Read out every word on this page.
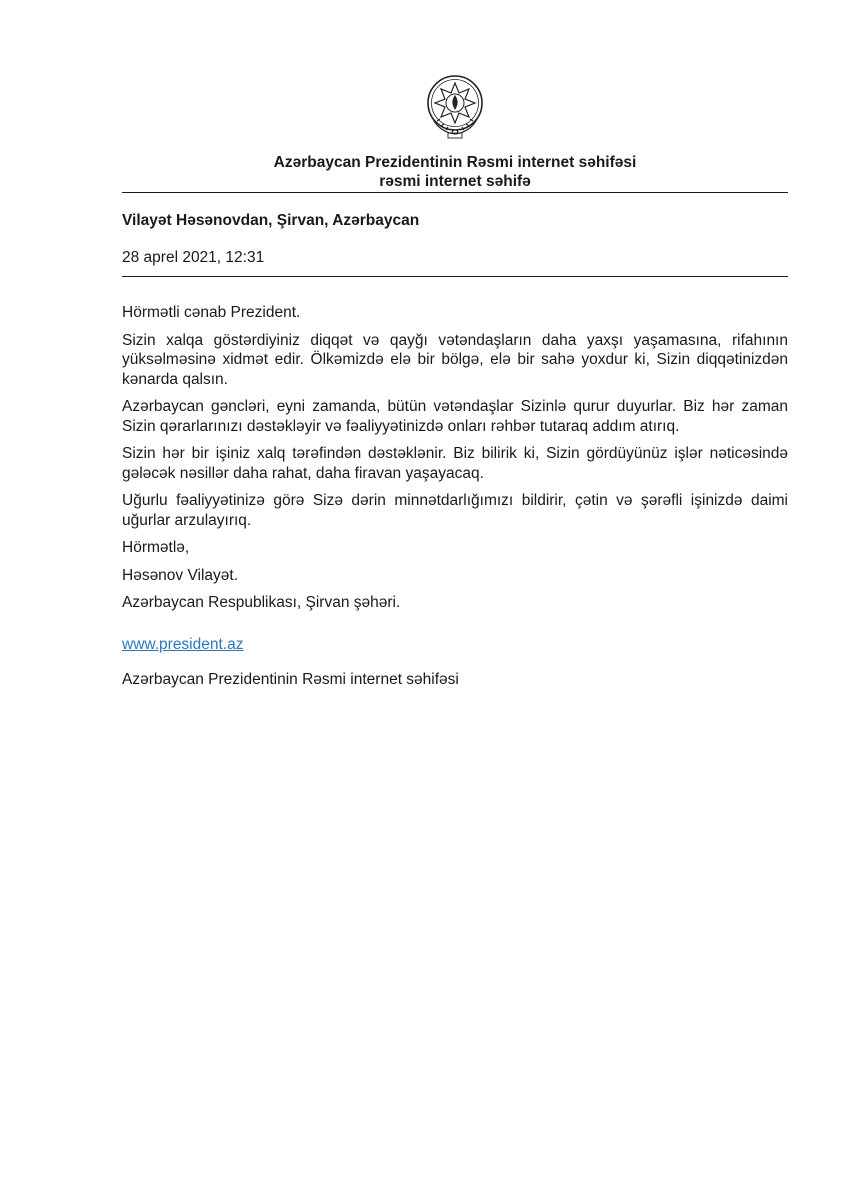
Azərbaycan Prezidentinin Rəsmi internet səhifəsi
rəsmi internet səhifə
Vilayət Həsənovdan, Şirvan, Azərbaycan
28 aprel 2021, 12:31

Hörmətli cənab Prezident.

Sizin xalqa göstərdiyiniz diqqət və qayğı vətəndaşların daha yaxşı yaşamasına, rifahının yüksəlməsinə xidmət edir. Ölkəmizdə elə bir bölgə, elə bir sahə yoxdur ki, Sizin diqqətinizdən kənarda qalsın.

Azərbaycan gəncləri, eyni zamanda, bütün vətəndaşlar Sizinlə qurur duyurlar. Biz hər zaman Sizin qərarlarınızı dəstəkləyir və fəaliyyətinizdə onları rəhbər tutaraq addım atırıq.

Sizin hər bir işiniz xalq tərəfindən dəstəklənir. Biz bilirik ki, Sizin gördüyünüz işlər nəticəsində gələcək nəsillər daha rahat, daha firavan yaşayacaq.

Uğurlu fəaliyyətinizə görə Sizə dərin minnətdarlığımızı bildirir, çətin və şərəfli işinizdə daimi uğurlar arzulayırıq.

Hörmətlə,

Həsənov Vilayət.

Azərbaycan Respublikası, Şirvan şəhəri.

www.president.az

Azərbaycan Prezidentinin Rəsmi internet səhifəsi
